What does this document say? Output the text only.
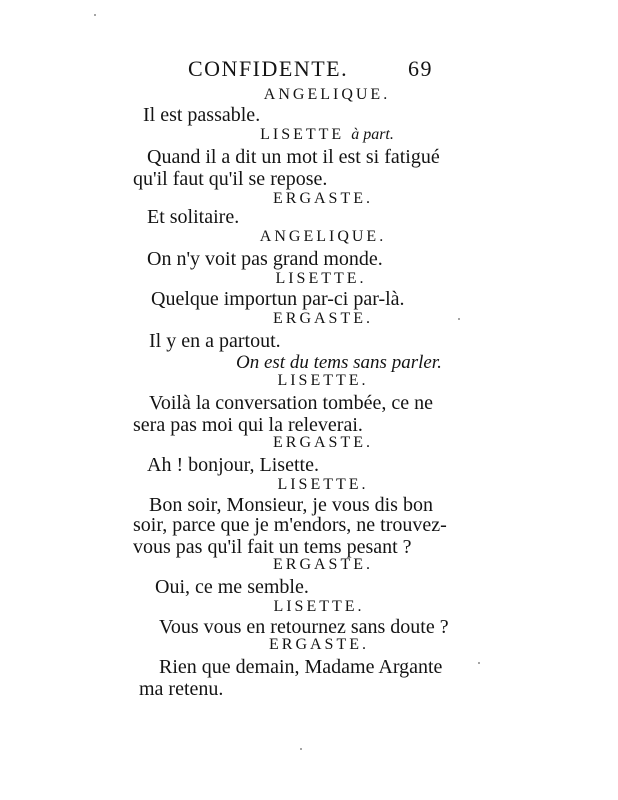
CONFIDENTE.	69
ANGELIQUE.
Il est passable.
LISETTE à part.
Quand il a dit un mot il est si fatigué
qu'il faut qu'il se repose.
ERGASTE.
Et solitaire.
ANGELIQUE.
On n'y voit pas grand monde.
LISETTE.
Quelque importun par-ci par-là.
ERGASTE.
Il y en a partout.
On est du tems sans parler.
LISETTE.
Voilà la conversation tombée, ce ne
sera pas moi qui la releverai.
ERGASTE.
Ah ! bonjour, Lisette.
LISETTE.
Bon soir, Monsieur, je vous dis bon
soir, parce que je m'endors, ne trouvez-
vous pas qu'il fait un tems pesant ?
ERGASTE.
Oui, ce me semble.
LISETTE.
Vous vous en retournez sans doute ?
ERGASTE.
Rien que demain, Madame Argante
ma retenu.
